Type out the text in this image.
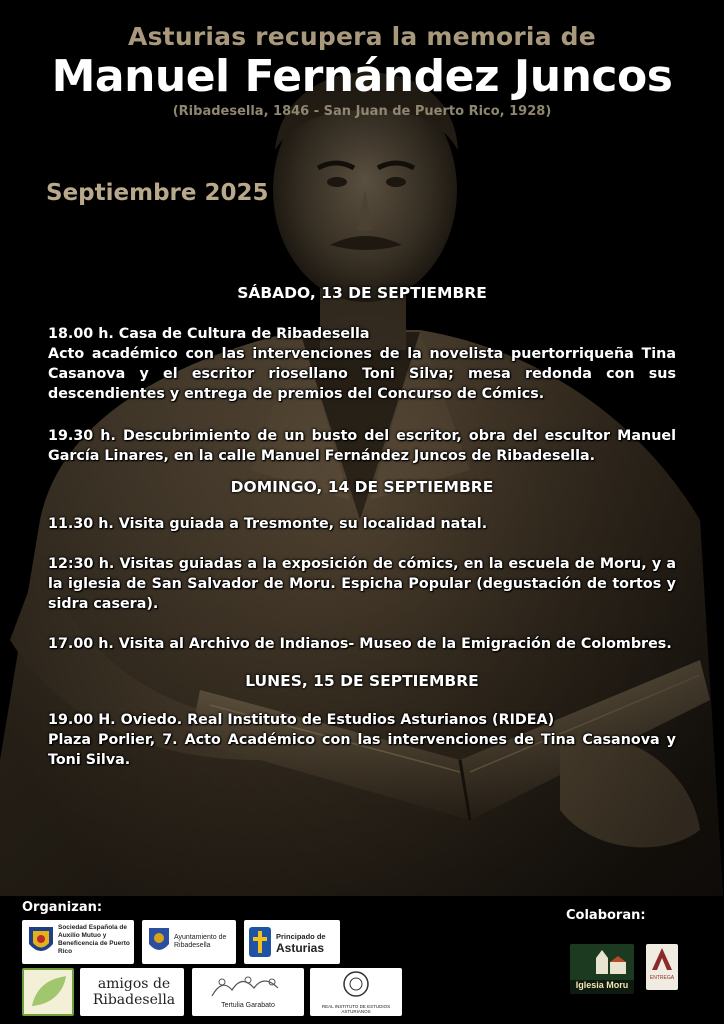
Asturias recupera la memoria de
Manuel Fernández Juncos
(Ribadesella, 1846 - San Juan de Puerto Rico, 1928)
Septiembre 2025
SÁBADO, 13 DE SEPTIEMBRE

18.00 h. Casa de Cultura de Ribadesella

Acto académico con las intervenciones de la novelista puertorriqueña Tina Casanova y el escritor riosellano Toni Silva; mesa redonda con sus descendientes y entrega de premios del Concurso de Cómics.

19.30 h. Descubrimiento de un busto del escritor, obra del escultor Manuel García Linares, en la calle Manuel Fernández Juncos de Ribadesella.

DOMINGO, 14 DE SEPTIEMBRE

11.30 h. Visita guiada a Tresmonte, su localidad natal.

12:30 h. Visitas guiadas a la exposición de cómics, en la escuela de Moru, y a la iglesia de San Salvador de Moru. Espicha Popular (degustación de tortos y sidra casera).

17.00 h. Visita al Archivo de Indianos- Museo de la Emigración de Colombres.

LUNES, 15 DE SEPTIEMBRE

19.00 H. Oviedo. Real Instituto de Estudios Asturianos (RIDEA)

Plaza Porlier, 7. Acto Académico con las intervenciones de Tina Casanova y Toni Silva.

Organizan:
Colaboran:
Sociedad Española de Auxilio Mutuo y Beneficencia de Puerto Rico
Ayuntamiento de Ribadesella
Principado de
Asturias
amigos de Ribadesella	Tertulia Garabato	REAL INSTITUTO DE ESTUDIOS ASTURIANOS
Iglesia Moru
ENTREGA
